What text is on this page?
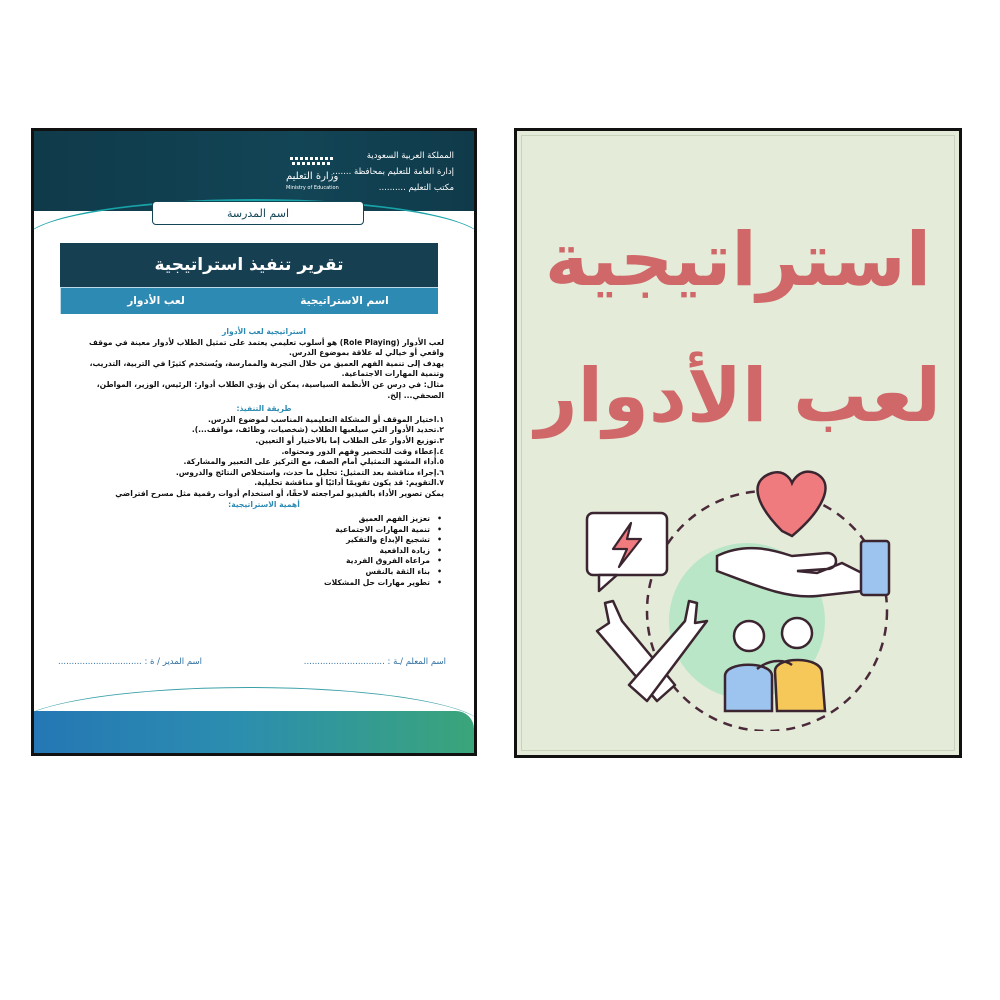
المملكة العربية السعودية
إدارة العامة للتعليم بمحافظة .......
مكتب التعليم ..........
وزارة التعليم
Ministry of Education
اسم المدرسة
تقرير تنفيذ استراتيجية
اسم الاستراتيجية
لعب الأدوار
استراتيجية لعب الأدوار
لعب الأدوار (Role Playing) هو أسلوب تعليمي يعتمد على تمثيل الطلاب لأدوار معينة في موقف واقعي أو خيالي له علاقة بموضوع الدرس.
يهدف إلى تنمية الفهم العميق من خلال التجربة والممارسة، ويُستخدم كثيرًا في التربية، التدريب، وتنمية المهارات الاجتماعية.
مثال: في درس عن الأنظمة السياسية، يمكن أن يؤدي الطلاب أدوار: الرئيس، الوزير، المواطن، الصحفي... إلخ.
طريقة التنفيذ:

١.اختيار الموقف أو المشكلة التعليمية المناسب لموضوع الدرس.

٢.تحديد الأدوار التي سيلعبها الطلاب (شخصيات، وظائف، مواقف...).

٣.توزيع الأدوار على الطلاب إما بالاختيار أو التعيين.

٤.إعطاء وقت للتحضير وفهم الدور ومحتواه.

٥.أداء المشهد التمثيلي أمام الصف، مع التركيز على التعبير والمشاركة.

٦.إجراء مناقشة بعد التمثيل: تحليل ما حدث، واستخلاص النتائج والدروس.

٧.التقويم: قد يكون تقويمًا أدائيًا أو مناقشة تحليلية.

يمكن تصوير الأداء بالفيديو لمراجعته لاحقًا، أو استخدام أدوات رقمية مثل مسرح افتراضي
أهمية الاستراتيجية:
• تعزيز الفهم العميق
• تنمية المهارات الاجتماعية
• تشجيع الإبداع والتفكير
• زيادة الدافعية
• مراعاة الفروق الفردية
• بناء الثقة بالنفس
• تطوير مهارات حل المشكلات
اسم المعلم /ـة : ..............................
اسم المدير / ة : ...............................
استراتيجية
لعب الأدوار
